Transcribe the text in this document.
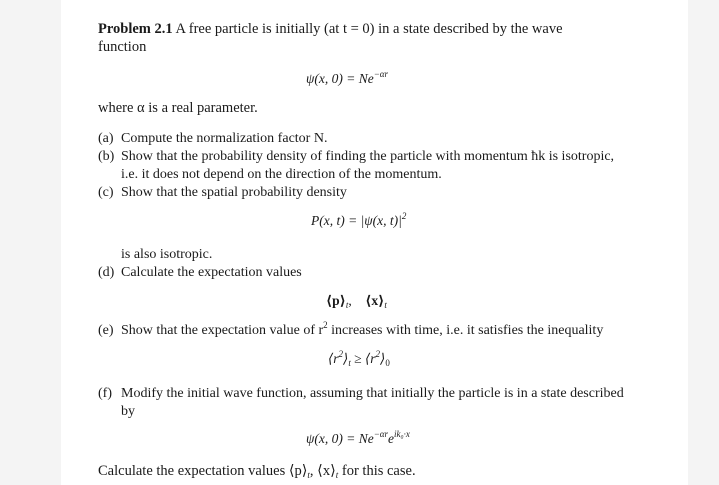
Problem 2.1 A free particle is initially (at t = 0) in a state described by the wave
function
ψ(x, $0) = Ne^{-\alpha r}$
where α is a real parameter.
(a) Compute the normalization factor N.
(b) Show that the probability density of finding the particle with momentum ħk is isotropic,
i.e. it does not depend on the direction of the momentum.
(c) Show that the spatial probability density
P(x, t) = |ψ(x, $t)|^2$
is also isotropic.
(d) Calculate the expectation values
$⟨p⟩_t$,    $⟨x⟩_t$
(e) Show that the expectation value of $r^2$ increases with time, i.e. it satisfies the inequality
$⟨r^2⟩_t$ ≥ $⟨r^2⟩_0$
(f) Modify the initial wave function, assuming that initially the particle is in a state described
by
ψ(x, $0) = Ne^{-\alpha r}e^{ik_0\cdot x}$
Calculate the expectation values $⟨p⟩_t$, $⟨x⟩_t$ for this case.
